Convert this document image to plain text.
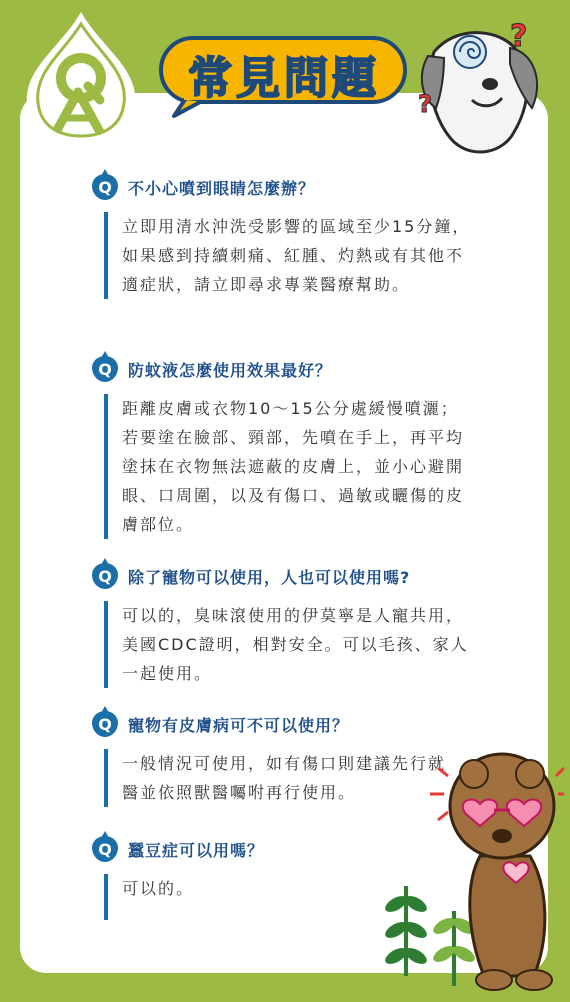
常見問題
?
?
Q	不小心噴到眼睛怎麼辦？
立即用清水沖洗受影響的區域至少15分鐘，如果感到持續刺痛、紅腫、灼熱或有其他不適症狀，請立即尋求專業醫療幫助。
Q	防蚊液怎麼使用效果最好？
距離皮膚或衣物10～15公分處緩慢噴灑；若要塗在臉部、頸部，先噴在手上，再平均塗抹在衣物無法遮蔽的皮膚上，並小心避開眼、口周圍，以及有傷口、過敏或曬傷的皮膚部位。
Q	除了寵物可以使用，人也可以使用嗎?
可以的，臭味滾使用的伊莫寧是人寵共用，美國CDC證明，相對安全。可以毛孩、家人一起使用。
Q	寵物有皮膚病可不可以使用？
一般情況可使用，如有傷口則建議先行就醫並依照獸醫囑咐再行使用。
Q	蠶豆症可以用嗎？
可以的。
